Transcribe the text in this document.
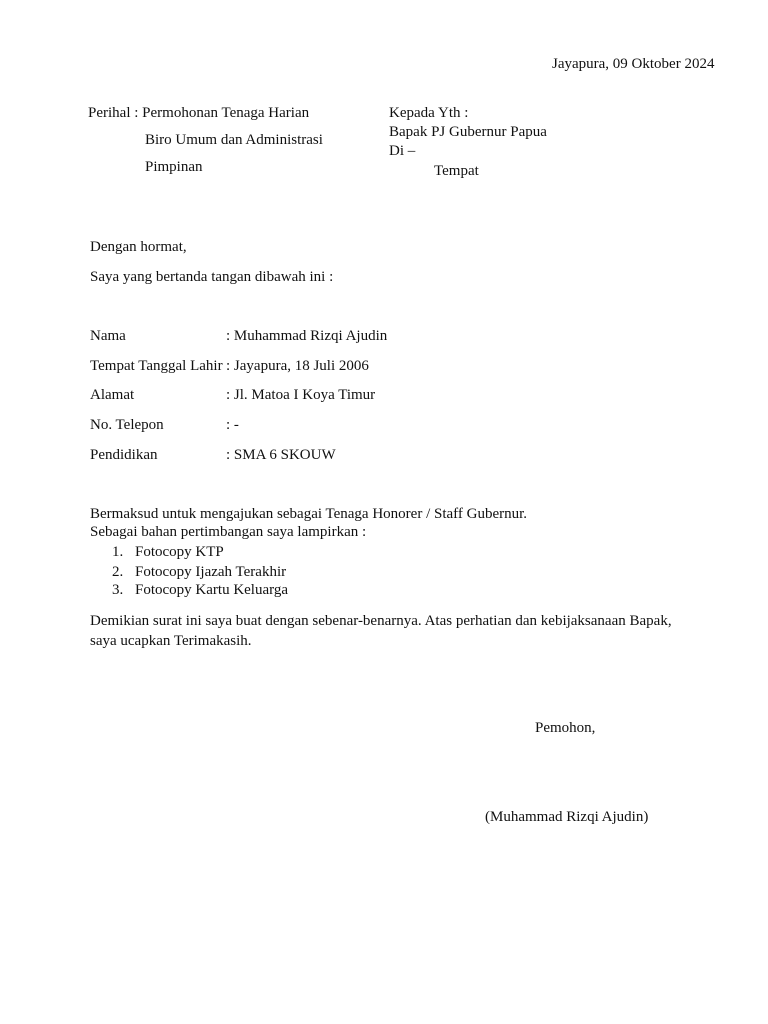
Jayapura, 09 Oktober 2024
Perihal : Permohonan Tenaga Harian
Biro Umum dan Administrasi
Pimpinan
Kepada Yth :
Bapak PJ Gubernur Papua
Di –
Tempat
Dengan hormat,
Saya yang bertanda tangan dibawah ini :
Nama	: Muhammad Rizqi Ajudin
Tempat Tanggal Lahir : Jayapura, 18 Juli 2006
Alamat	: Jl. Matoa I Koya Timur
No. Telepon	: -
Pendidikan	: SMA 6 SKOUW
Bermaksud untuk mengajukan sebagai Tenaga Honorer / Staff Gubernur.
Sebagai bahan pertimbangan saya lampirkan :
1. Fotocopy KTP
2. Fotocopy Ijazah Terakhir
3. Fotocopy Kartu Keluarga
Demikian surat ini saya buat dengan sebenar-benarnya. Atas perhatian dan kebijaksanaan Bapak, saya ucapkan Terimakasih.
Pemohon,
(Muhammad Rizqi Ajudin)
